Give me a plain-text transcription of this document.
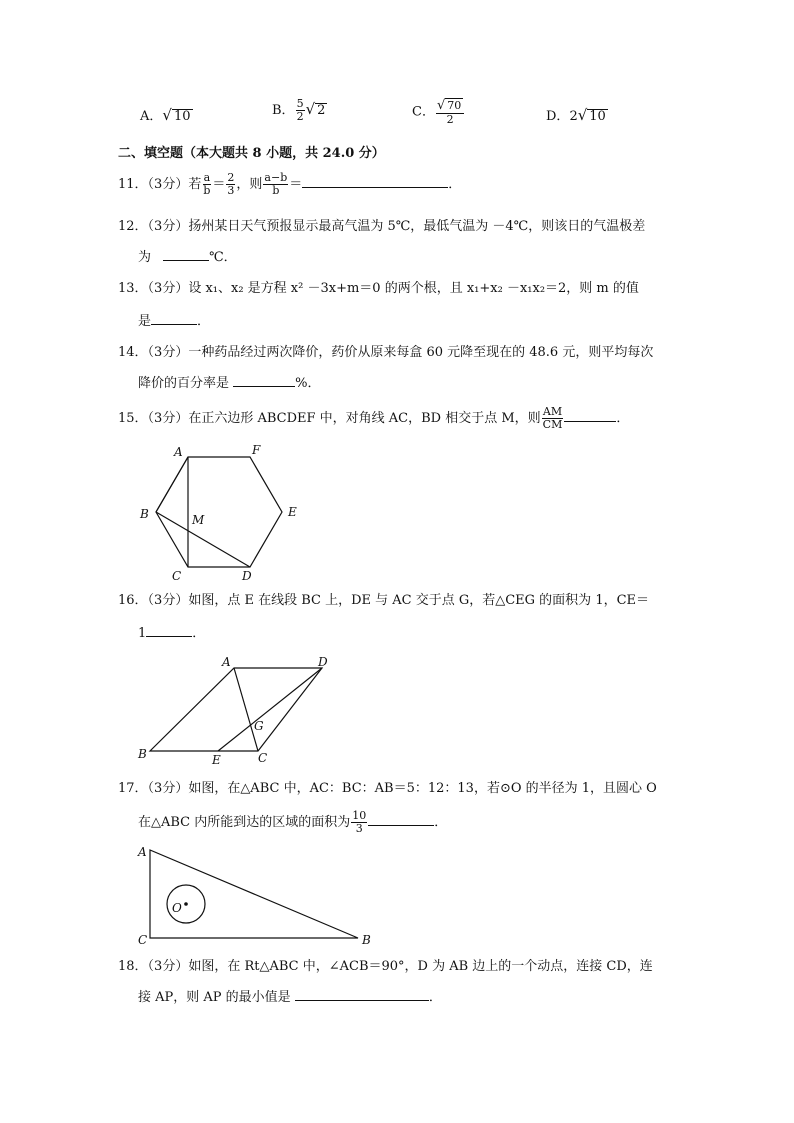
A．√ 10	B． $\frac{5}{2}$ √ 2	C． $\frac{√ 70}{2}$	D．2√ 10
二、填空题（本大题共 8 小题，共 24.0 分）
11．（3分）若 $\frac{a}{b} = \frac{2}{3}$ ，则 $\frac{a-b}{b}$ ＝	．
12．（3分）扬州某日天气预报显示最高气温为 5℃，最低气温为 －4℃，则该日的气温极差
为	℃．
13．（3分）设 x₁、x₂ 是方程 x² －3x+m＝0 的两个根，且 x₁+x₂ －x₁x₂＝2，则 m 的值
是	．
14．（3分）一种药品经过两次降价，药价从原来每盒 60 元降至现在的 48.6 元，则平均每次
降价的百分率是	%．
15．（3分）在正六边形 ABCDEF 中，对角线 AC，BD 相交于点 M，则 $\frac{AM}{CM}$	．
A	F
B	M
E
C	D
16．（3分）如图，点 E 在线段 BC 上，DE 与 AC 交于点 G，若△CEG 的面积为 1，CE＝
1	．
A	D
G
B	E	C
17．（3分）如图，在△ABC 中，AC：BC：AB＝5：12：13，若⊙O 的半径为 1，且圆心 O
在△ABC 内所能到达的区域的面积为 $\frac{10}{3}$	．
A
C	B
O
18．（3分）如图，在 Rt△ABC 中，∠ACB＝90°，D 为 AB 边上的一个动点，连接 CD，连
接 AP，则 AP 的最小值是	．
